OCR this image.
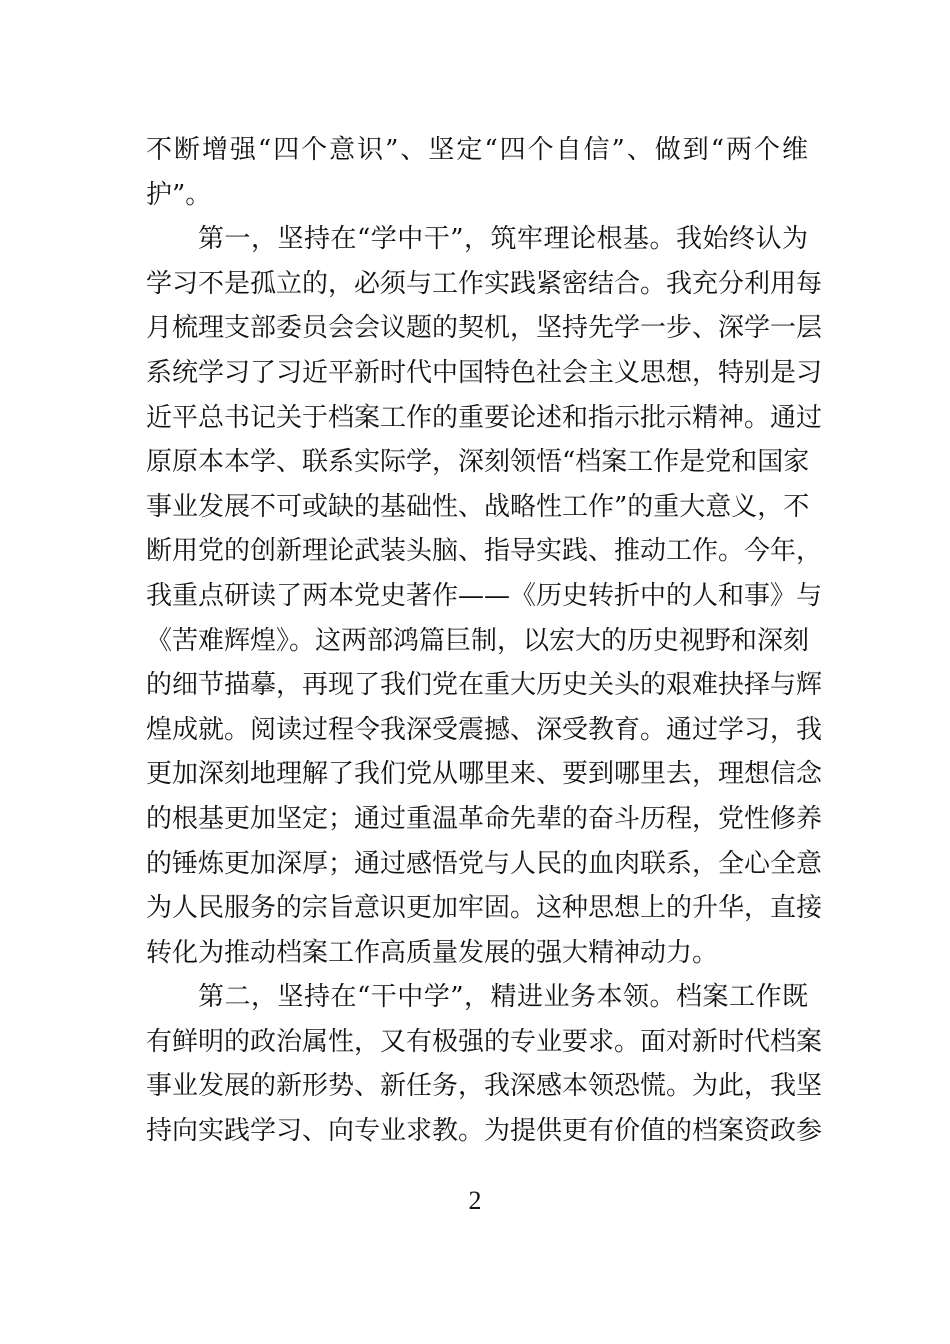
不断增强“四个意识”、坚定“四个自信”、做到“两个维
护”。
第一，坚持在“学中干”，筑牢理论根基。我始终认为
学习不是孤立的，必须与工作实践紧密结合。我充分利用每
月梳理支部委员会会议题的契机，坚持先学一步、深学一层
系统学习了习近平新时代中国特色社会主义思想，特别是习
近平总书记关于档案工作的重要论述和指示批示精神。通过
原原本本学、联系实际学，深刻领悟“档案工作是党和国家
事业发展不可或缺的基础性、战略性工作”的重大意义，不
断用党的创新理论武装头脑、指导实践、推动工作。今年，
我重点研读了两本党史著作——《历史转折中的人和事》与
《苦难辉煌》。这两部鸿篇巨制，以宏大的历史视野和深刻
的细节描摹，再现了我们党在重大历史关头的艰难抉择与辉
煌成就。阅读过程令我深受震撼、深受教育。通过学习，我
更加深刻地理解了我们党从哪里来、要到哪里去，理想信念
的根基更加坚定；通过重温革命先辈的奋斗历程，党性修养
的锤炼更加深厚；通过感悟党与人民的血肉联系，全心全意
为人民服务的宗旨意识更加牢固。这种思想上的升华，直接
转化为推动档案工作高质量发展的强大精神动力。
第二，坚持在“干中学”，精进业务本领。档案工作既
有鲜明的政治属性，又有极强的专业要求。面对新时代档案
事业发展的新形势、新任务，我深感本领恐慌。为此，我坚
持向实践学习、向专业求教。为提供更有价值的档案资政参
2
